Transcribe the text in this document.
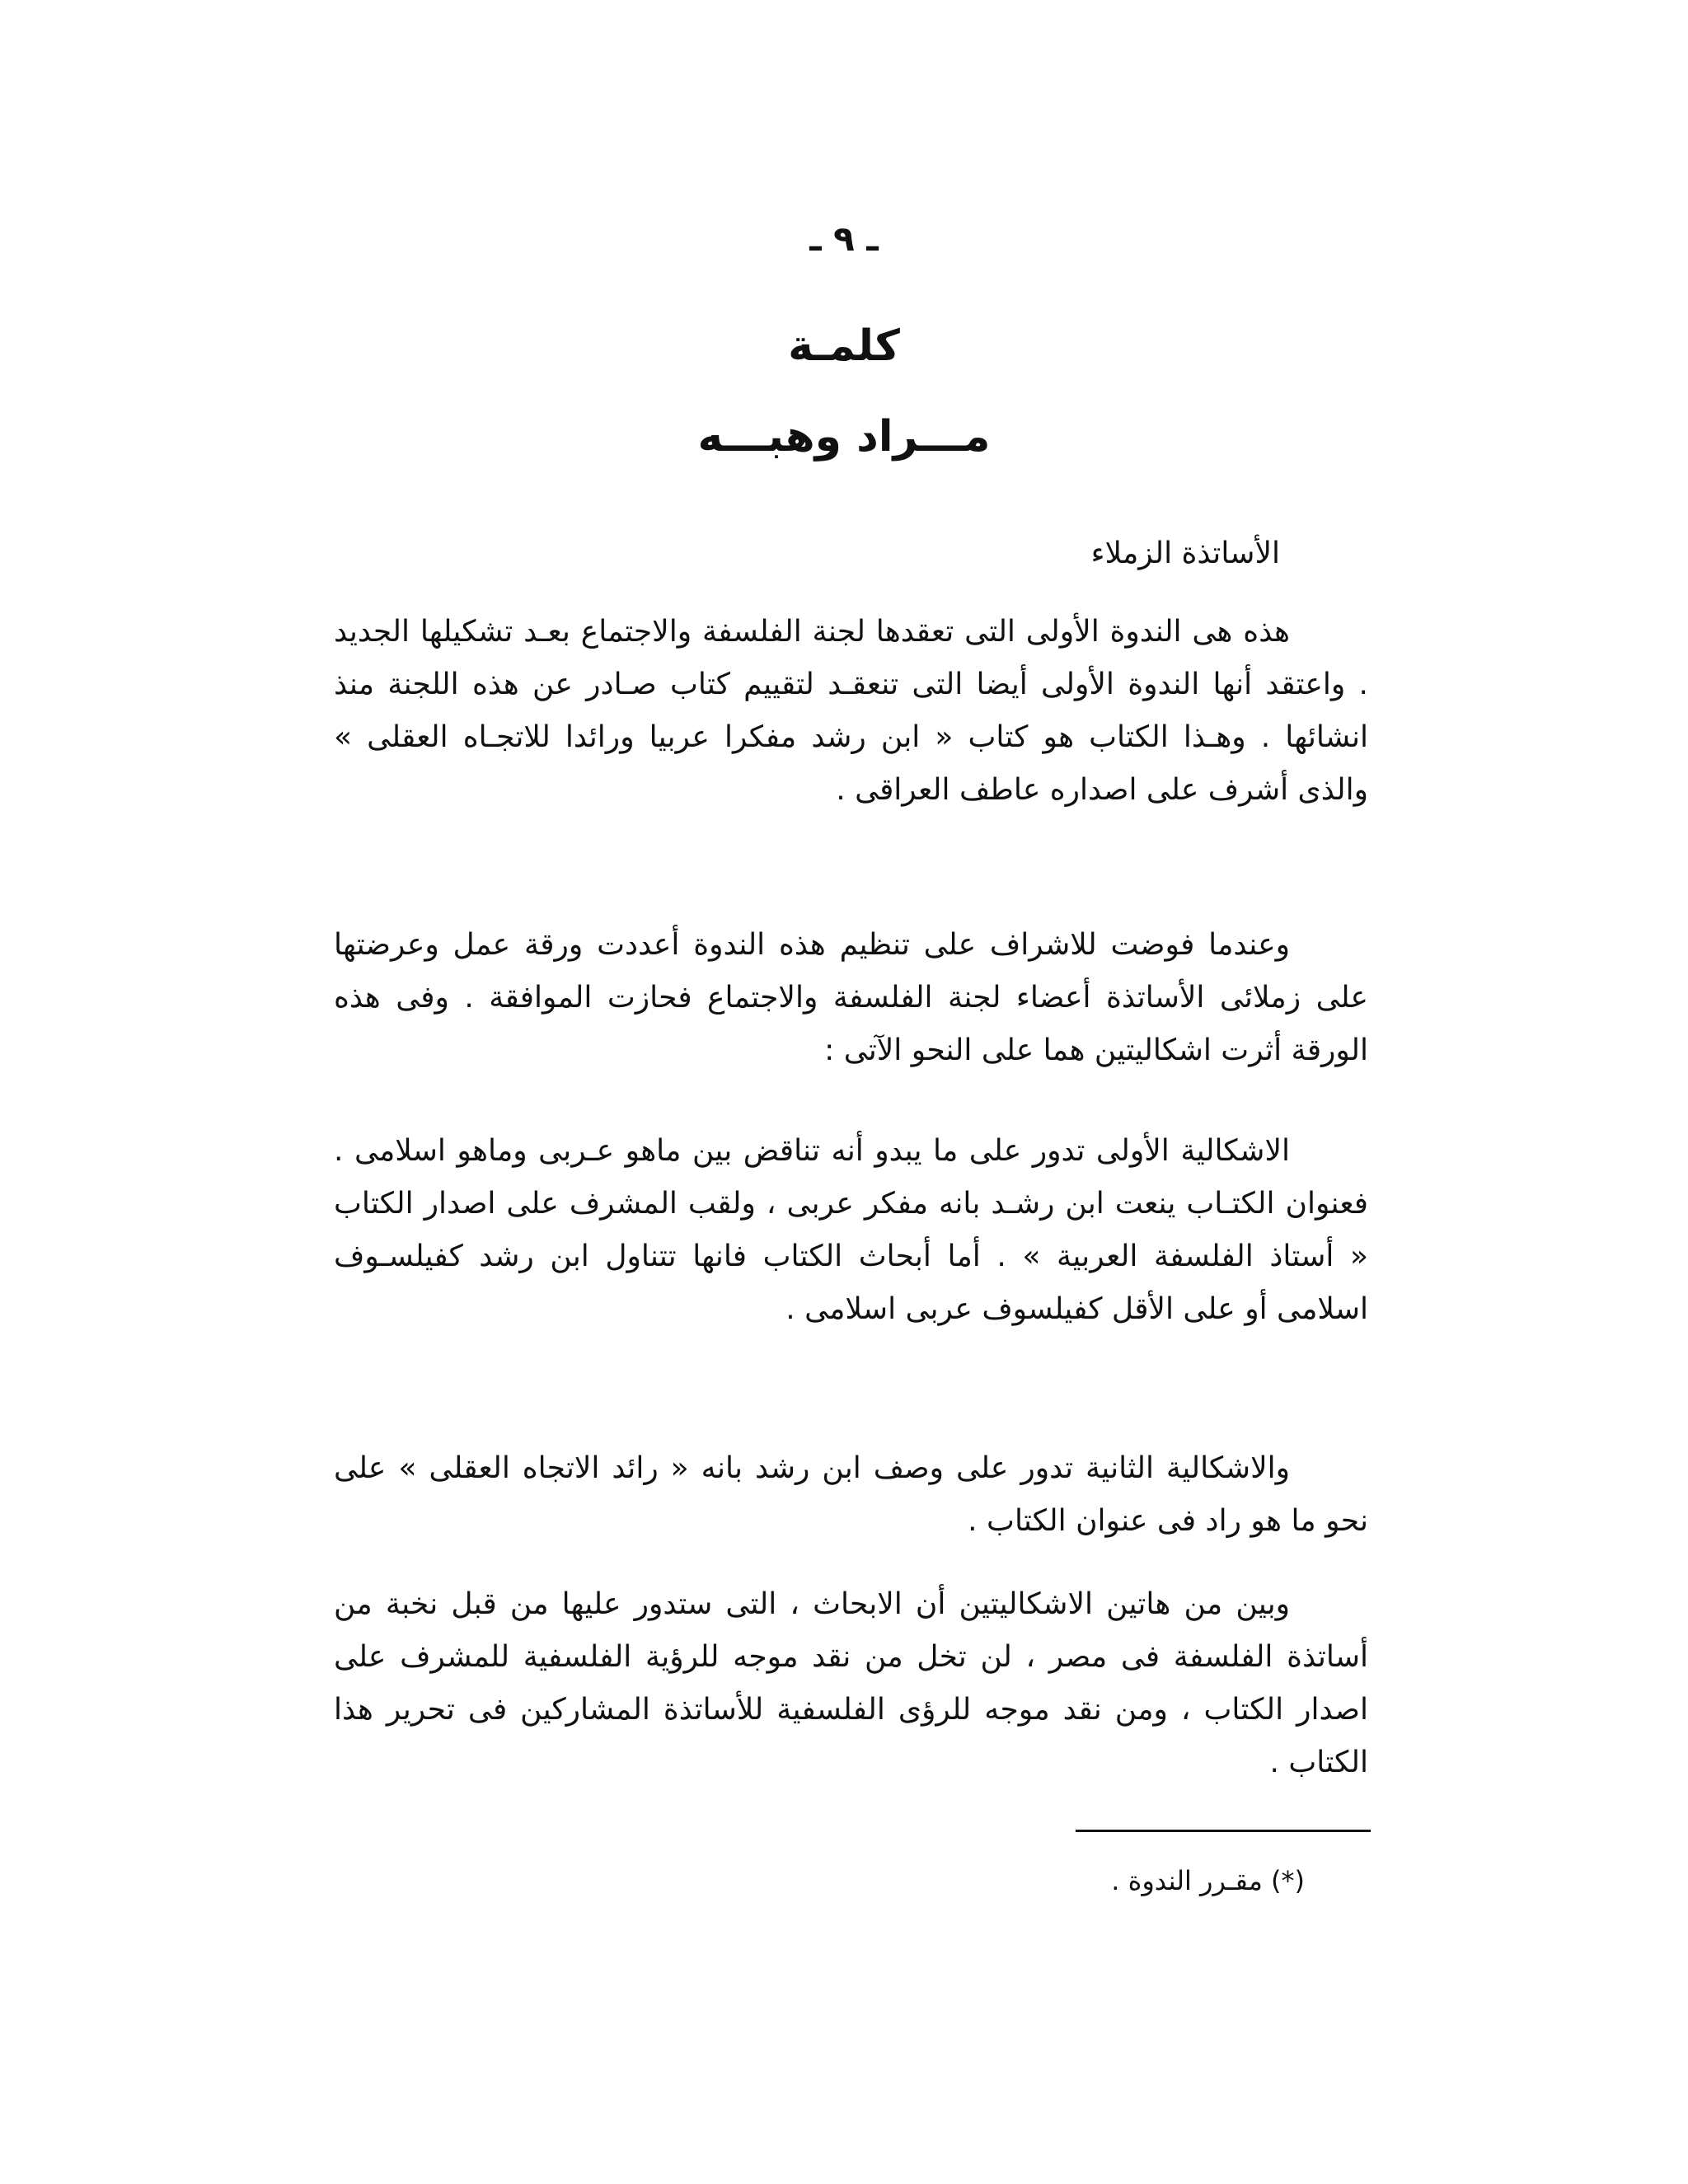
ـ ٩ ـ
كلمـة
مـــراد وهبـــه
الأساتذة الزملاء

هذه هى الندوة الأولى التى تعقدها لجنة الفلسفة والاجتماع بعـد تشكيلها الجديد . واعتقد أنها الندوة الأولى أيضا التى تنعقـد لتقييم كتاب صـادر عن هذه اللجنة منذ انشائها . وهـذا الكتاب هو كتاب « ابن رشد مفكرا عربيا ورائدا للاتجـاه العقلى » والذى أشرف على اصداره عاطف العراقى .

وعندما فوضت للاشراف على تنظيم هذه الندوة أعددت ورقة عمل وعرضتها على زملائى الأساتذة أعضاء لجنة الفلسفة والاجتماع فحازت الموافقة . وفى هذه الورقة أثرت اشكاليتين هما على النحو الآتى :

الاشكالية الأولى تدور على ما يبدو أنه تناقض بين ماهو عـربى وماهو اسلامى . فعنوان الكتـاب ينعت ابن رشـد بانه مفكر عربى ، ولقب المشرف على اصدار الكتاب « أستاذ الفلسفة العربية » . أما أبحاث الكتاب فانها تتناول ابن رشد كفيلسـوف اسلامى أو على الأقل كفيلسوف عربى اسلامى .

والاشكالية الثانية تدور على وصف ابن رشد بانه « رائد الاتجاه العقلى » على نحو ما هو راد فى عنوان الكتاب .

وبين من هاتين الاشكاليتين أن الابحاث ، التى ستدور عليها من قبل نخبة من أساتذة الفلسفة فى مصر ، لن تخل من نقد موجه للرؤية الفلسفية للمشرف على اصدار الكتاب ، ومن نقد موجه للرؤى الفلسفية للأساتذة المشاركين فى تحرير هذا الكتاب .

(*) مقـرر الندوة .
